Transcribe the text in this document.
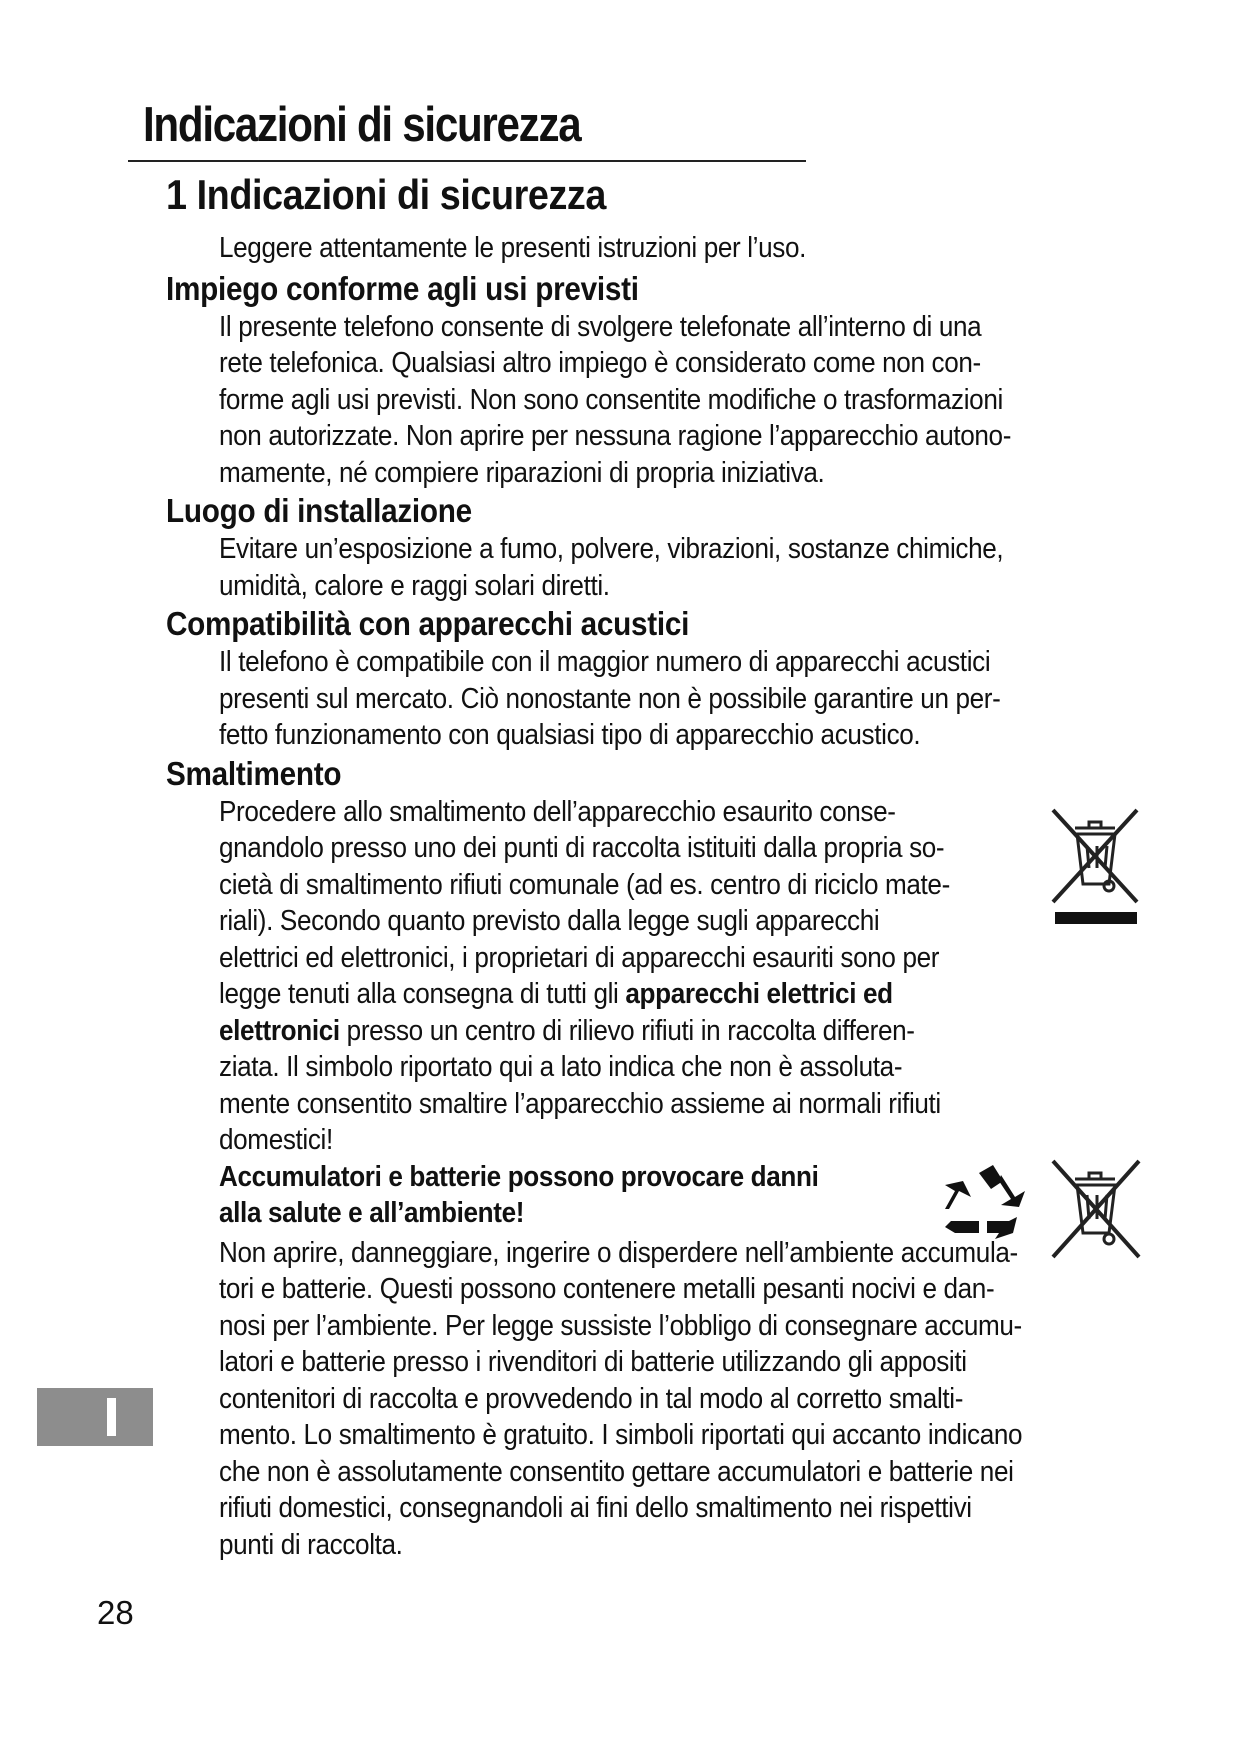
Indicazioni di sicurezza
1 Indicazioni di sicurezza
Leggere attentamente le presenti istruzioni per l’uso.
Impiego conforme agli usi previsti
Il presente telefono consente di svolgere telefonate all’interno di una
rete telefonica. Qualsiasi altro impiego è considerato come non con-
forme agli usi previsti. Non sono consentite modifiche o trasformazioni
non autorizzate. Non aprire per nessuna ragione l’apparecchio autono-
mamente, né compiere riparazioni di propria iniziativa.
Luogo di installazione
Evitare un’esposizione a fumo, polvere, vibrazioni, sostanze chimiche,
umidità, calore e raggi solari diretti.
Compatibilità con apparecchi acustici
Il telefono è compatibile con il maggior numero di apparecchi acustici
presenti sul mercato. Ciò nonostante non è possibile garantire un per-
fetto funzionamento con qualsiasi tipo di apparecchio acustico.
Smaltimento
Procedere allo smaltimento dell’apparecchio esaurito conse-
gnandolo presso uno dei punti di raccolta istituiti dalla propria so-
cietà di smaltimento rifiuti comunale (ad es. centro di riciclo mate-
riali). Secondo quanto previsto dalla legge sugli apparecchi
elettrici ed elettronici, i proprietari di apparecchi esauriti sono per
legge tenuti alla consegna di tutti gli apparecchi elettrici ed
elettronici presso un centro di rilievo rifiuti in raccolta differen-
ziata. Il simbolo riportato qui a lato indica che non è assoluta-
mente consentito smaltire l’apparecchio assieme ai normali rifiuti
domestici!
Accumulatori e batterie possono provocare danni
alla salute e all’ambiente!
Non aprire, danneggiare, ingerire o disperdere nell’ambiente accumula-
tori e batterie. Questi possono contenere metalli pesanti nocivi e dan-
nosi per l’ambiente. Per legge sussiste l’obbligo di consegnare accumu-
latori e batterie presso i rivenditori di batterie utilizzando gli appositi
contenitori di raccolta e provvedendo in tal modo al corretto smalti-
mento. Lo smaltimento è gratuito. I simboli riportati qui accanto indicano
che non è assolutamente consentito gettare accumulatori e batterie nei
rifiuti domestici, consegnandoli ai fini dello smaltimento nei rispettivi
punti di raccolta.
28
